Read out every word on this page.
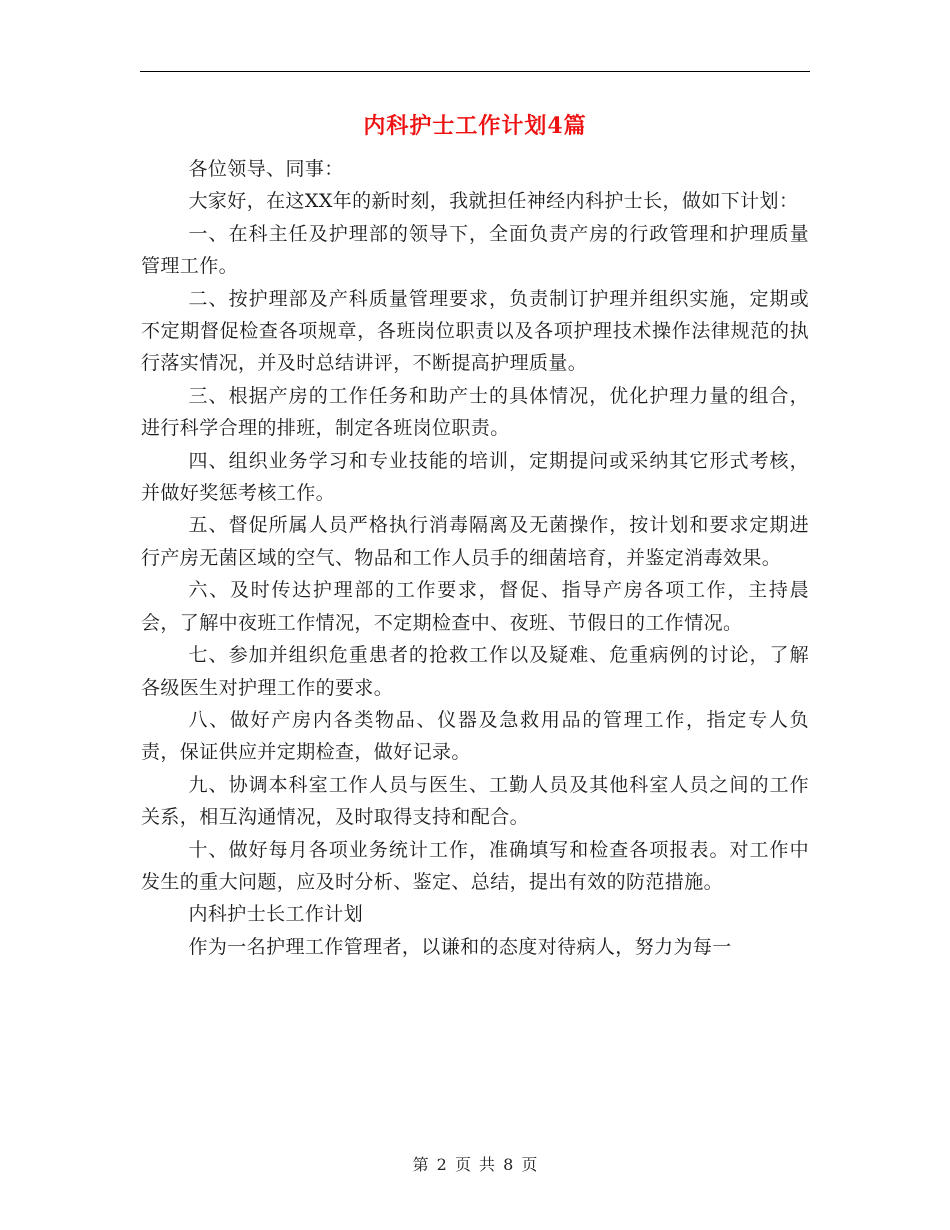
内科护士工作计划4篇

各位领导、同事：

大家好，在这XX年的新时刻，我就担任神经内科护士长，做如下计划：

一、在科主任及护理部的领导下，全面负责产房的行政管理和护理质量管理工作。

二、按护理部及产科质量管理要求，负责制订护理并组织实施，定期或不定期督促检查各项规章，各班岗位职责以及各项护理技术操作法律规范的执行落实情况，并及时总结讲评，不断提高护理质量。

三、根据产房的工作任务和助产士的具体情况，优化护理力量的组合，进行科学合理的排班，制定各班岗位职责。

四、组织业务学习和专业技能的培训，定期提问或采纳其它形式考核，并做好奖惩考核工作。

五、督促所属人员严格执行消毒隔离及无菌操作，按计划和要求定期进行产房无菌区域的空气、物品和工作人员手的细菌培育，并鉴定消毒效果。

六、及时传达护理部的工作要求，督促、指导产房各项工作，主持晨会，了解中夜班工作情况，不定期检查中、夜班、节假日的工作情况。

七、参加并组织危重患者的抢救工作以及疑难、危重病例的讨论，了解各级医生对护理工作的要求。

八、做好产房内各类物品、仪器及急救用品的管理工作，指定专人负责，保证供应并定期检查，做好记录。

九、协调本科室工作人员与医生、工勤人员及其他科室人员之间的工作关系，相互沟通情况，及时取得支持和配合。

十、做好每月各项业务统计工作，准确填写和检查各项报表。对工作中发生的重大问题，应及时分析、鉴定、总结，提出有效的防范措施。

内科护士长工作计划

作为一名护理工作管理者，以谦和的态度对待病人，努力为每一

第 2 页 共 8 页
